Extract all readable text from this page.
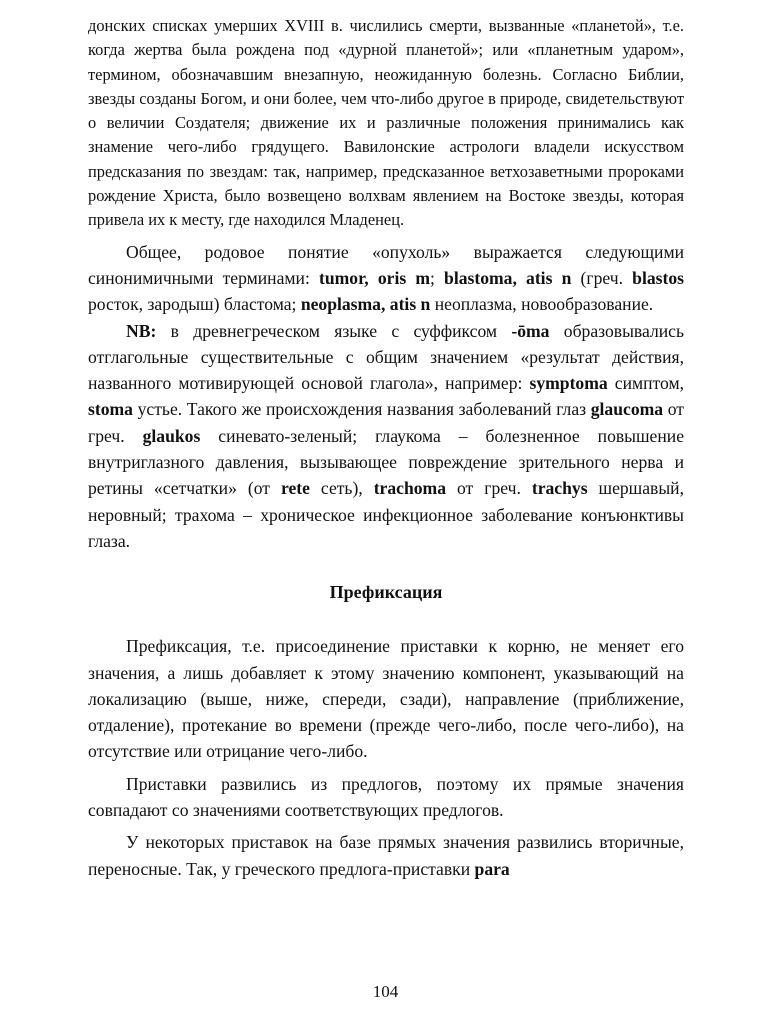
донских списках умерших XVIII в. числились смерти, вызванные «планетой», т.е. когда жертва была рождена под «дурной планетой»; или «планетным ударом», термином, обозначавшим внезапную, неожиданную болезнь. Согласно Библии, звезды созданы Богом, и они более, чем что-либо другое в природе, свидетельствуют о величии Создателя; движение их и различные положения принимались как знамение чего-либо грядущего. Вавилонские астрологи владели искусством предсказания по звездам: так, например, предсказанное ветхозаветными пророками рождение Христа, было возвещено волхвам явлением на Востоке звезды, которая привела их к месту, где находился Младенец.

Общее, родовое понятие «опухоль» выражается следующими синонимичными терминами: tumor, oris m; blastoma, atis n (греч. blastos росток, зародыш) бластома; neoplasma, atis n неоплазма, новообразование.

NB: в древнегреческом языке с суффиксом -ōma образовывались отглагольные существительные с общим значением «результат действия, названного мотивирующей основой глагола», например: symptoma симптом, stoma устье. Такого же происхождения названия заболеваний глаз glaucoma от греч. glaukos синевато-зеленый; глаукома – болезненное повышение внутриглазного давления, вызывающее повреждение зрительного нерва и ретины «сетчатки» (от rete сеть), trachoma от греч. trachys шершавый, неровный; трахома – хроническое инфекционное заболевание конъюнктивы глаза.

Префиксация

Префиксация, т.е. присоединение приставки к корню, не меняет его значения, а лишь добавляет к этому значению компонент, указывающий на локализацию (выше, ниже, спереди, сзади), направление (приближение, отдаление), протекание во времени (прежде чего-либо, после чего-либо), на отсутствие или отрицание чего-либо.

Приставки развились из предлогов, поэтому их прямые значения совпадают со значениями соответствующих предлогов.

У некоторых приставок на базе прямых значения развились вторичные, переносные. Так, у греческого предлога-приставки para

104
